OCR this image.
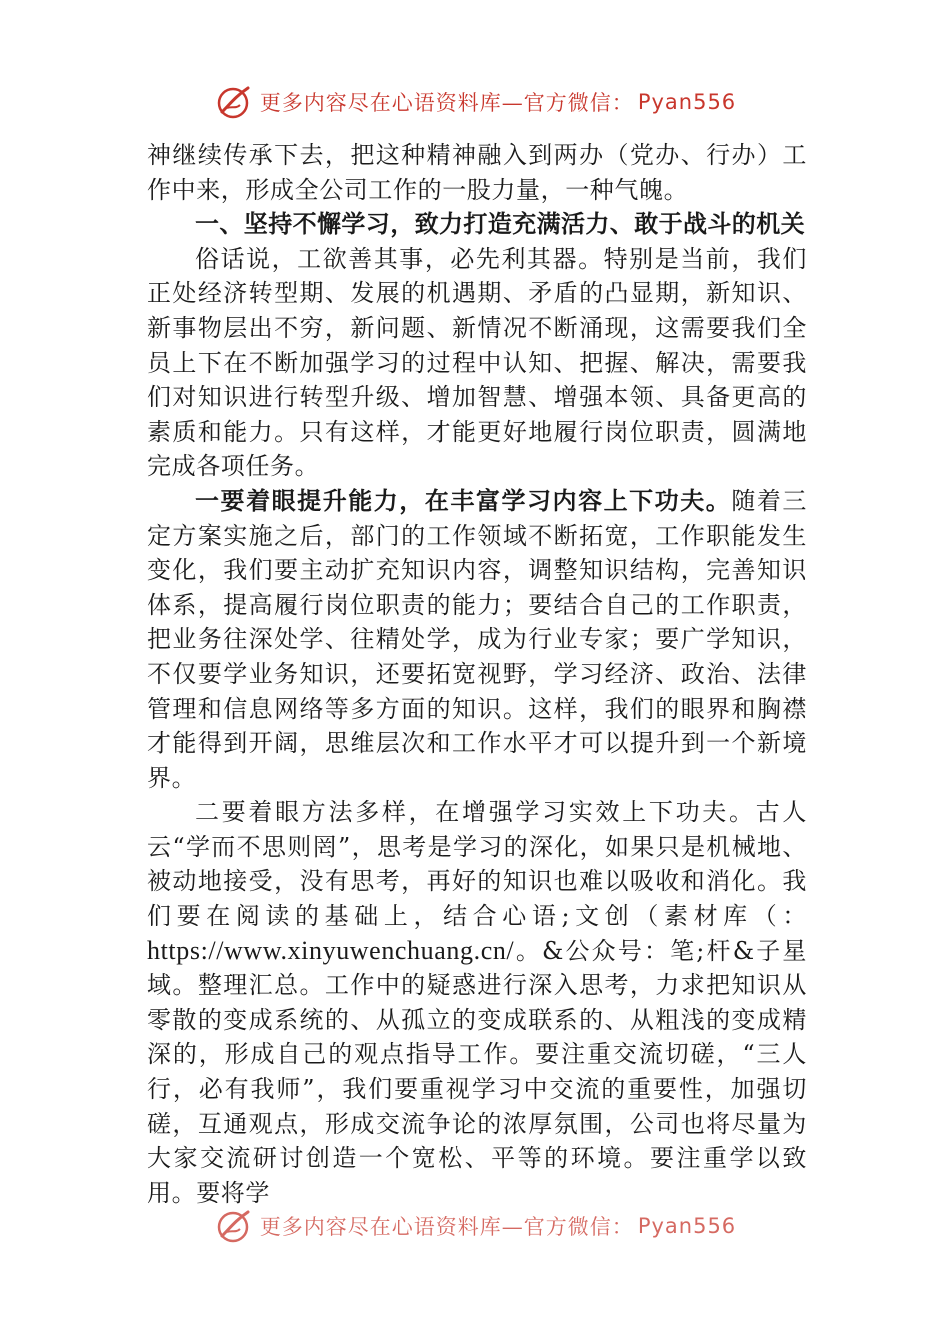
更多内容尽在心语资料库—官方微信： Pyan556

神继续传承下去，把这种精神融入到两办（党办、行办）工作中来，形成全公司工作的一股力量，一种气魄。

一、坚持不懈学习，致力打造充满活力、敢于战斗的机关

俗话说，工欲善其事，必先利其器。特别是当前，我们正处经济转型期、发展的机遇期、矛盾的凸显期，新知识、新事物层出不穷，新问题、新情况不断涌现，这需要我们全员上下在不断加强学习的过程中认知、把握、解决，需要我们对知识进行转型升级、增加智慧、增强本领、具备更高的素质和能力。只有这样，才能更好地履行岗位职责，圆满地完成各项任务。

一要着眼提升能力，在丰富学习内容上下功夫。随着三定方案实施之后，部门的工作领域不断拓宽，工作职能发生变化，我们要主动扩充知识内容，调整知识结构，完善知识体系，提高履行岗位职责的能力；要结合自己的工作职责，把业务往深处学、往精处学，成为行业专家；要广学知识，不仅要学业务知识，还要拓宽视野，学习经济、政治、法律管理和信息网络等多方面的知识。这样，我们的眼界和胸襟才能得到开阔，思维层次和工作水平才可以提升到一个新境界。

二要着眼方法多样，在增强学习实效上下功夫。古人云“学而不思则罔”，思考是学习的深化，如果只是机械地、被动地接受，没有思考，再好的知识也难以吸收和消化。我们要在阅读的基础上，结合心语;文创（素材库（：https://www.xinyuwenchuang.cn/。&公众号：笔;杆&子星域。整理汇总。工作中的疑惑进行深入思考，力求把知识从零散的变成系统的、从孤立的变成联系的、从粗浅的变成精深的，形成自己的观点指导工作。要注重交流切磋，“三人行，必有我师”，我们要重视学习中交流的重要性，加强切磋，互通观点，形成交流争论的浓厚氛围，公司也将尽量为大家交流研讨创造一个宽松、平等的环境。要注重学以致用。要将学

更多内容尽在心语资料库—官方微信： Pyan556
